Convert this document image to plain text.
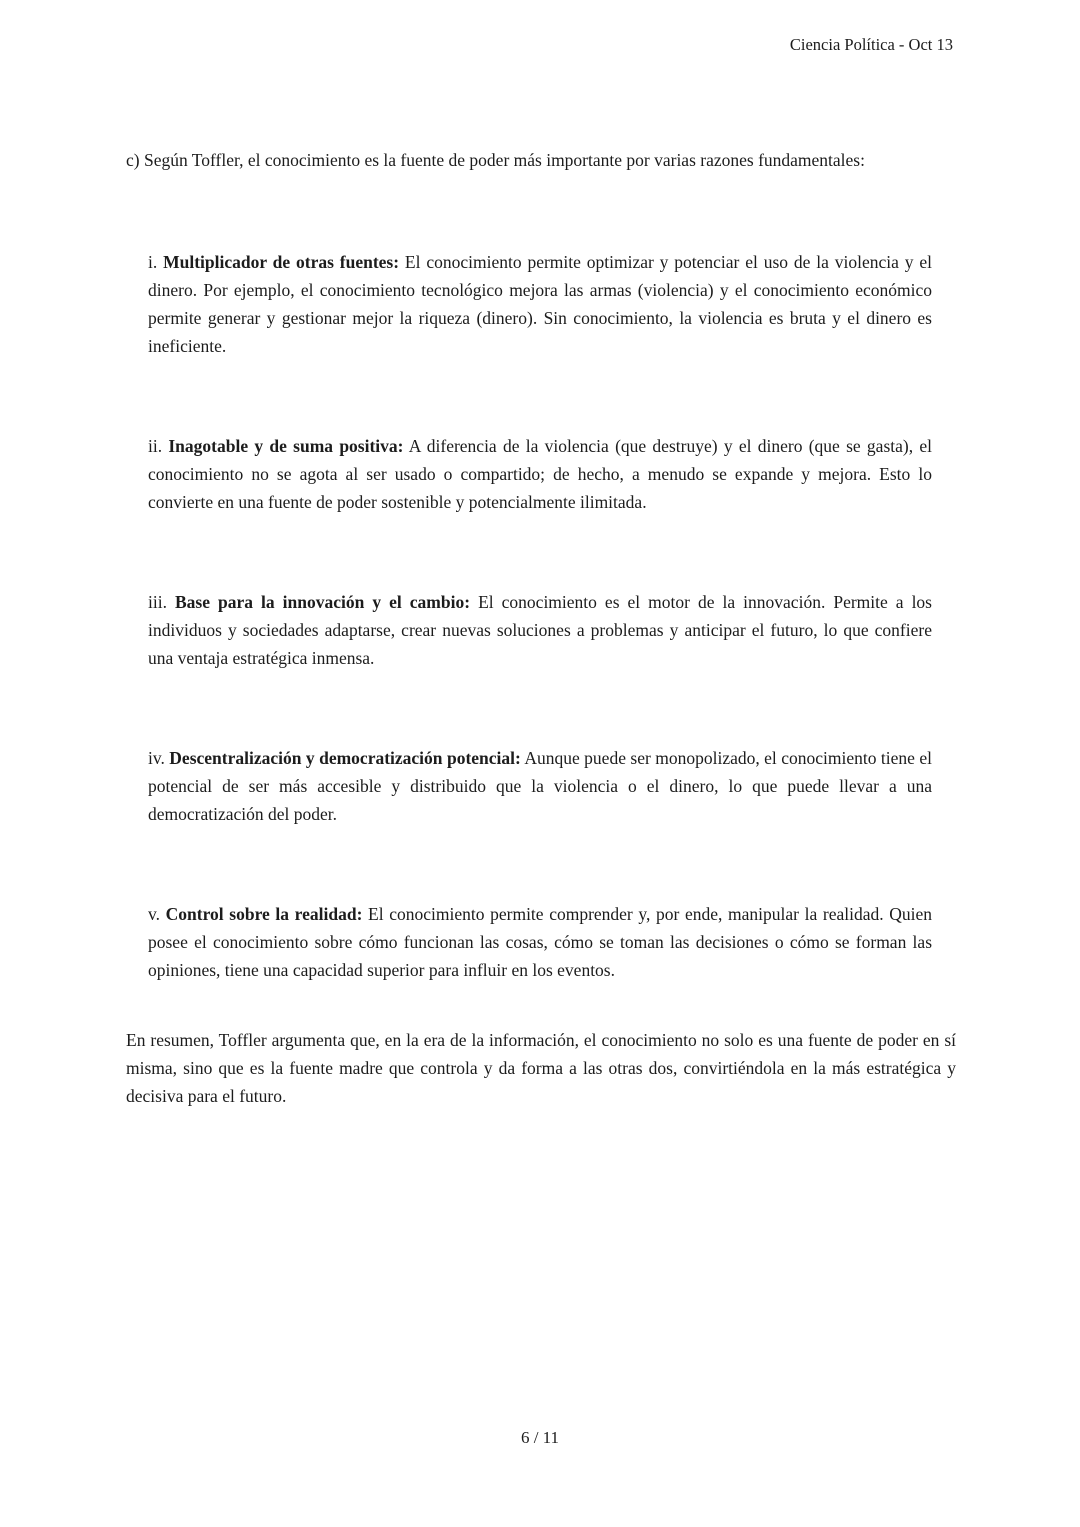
Ciencia Política - Oct 13

c) Según Toffler, el conocimiento es la fuente de poder más importante por varias razones fundamentales:

i. Multiplicador de otras fuentes: El conocimiento permite optimizar y potenciar el uso de la violencia y el dinero. Por ejemplo, el conocimiento tecnológico mejora las armas (violencia) y el conocimiento económico permite generar y gestionar mejor la riqueza (dinero). Sin conocimiento, la violencia es bruta y el dinero es ineficiente.
ii. Inagotable y de suma positiva: A diferencia de la violencia (que destruye) y el dinero (que se gasta), el conocimiento no se agota al ser usado o compartido; de hecho, a menudo se expande y mejora. Esto lo convierte en una fuente de poder sostenible y potencialmente ilimitada.
iii. Base para la innovación y el cambio: El conocimiento es el motor de la innovación. Permite a los individuos y sociedades adaptarse, crear nuevas soluciones a problemas y anticipar el futuro, lo que confiere una ventaja estratégica inmensa.
iv. Descentralización y democratización potencial: Aunque puede ser monopolizado, el conocimiento tiene el potencial de ser más accesible y distribuido que la violencia o el dinero, lo que puede llevar a una democratización del poder.
v. Control sobre la realidad: El conocimiento permite comprender y, por ende, manipular la realidad. Quien posee el conocimiento sobre cómo funcionan las cosas, cómo se toman las decisiones o cómo se forman las opiniones, tiene una capacidad superior para influir en los eventos.

En resumen, Toffler argumenta que, en la era de la información, el conocimiento no solo es una fuente de poder en sí misma, sino que es la fuente madre que controla y da forma a las otras dos, convirtiéndola en la más estratégica y decisiva para el futuro.

6 / 11
